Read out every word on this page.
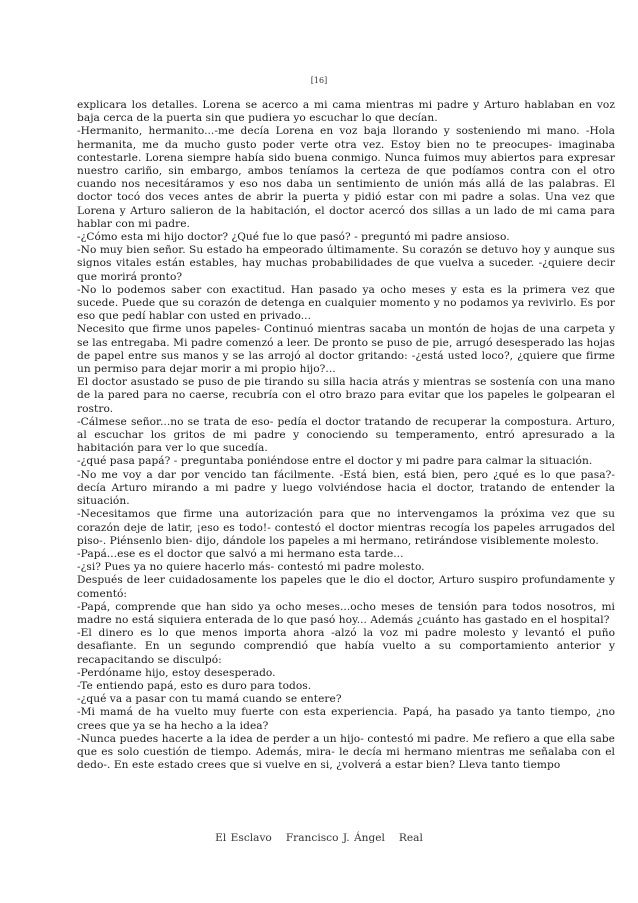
[16]

explicara los detalles. Lorena se acerco a mi cama mientras mi padre y Arturo hablaban en voz baja cerca de la puerta sin que pudiera yo escuchar lo que decían.

-Hermanito, hermanito...-me decía Lorena en voz baja llorando y sosteniendo mi mano. -Hola hermanita, me da mucho gusto poder verte otra vez. Estoy bien no te preocupes- imaginaba contestarle. Lorena siempre había sido buena conmigo. Nunca fuimos muy abiertos para expresar nuestro cariño, sin embargo, ambos teníamos la certeza de que podíamos contra con el otro cuando nos necesitáramos y eso nos daba un sentimiento de unión más allá de las palabras. El doctor tocó dos veces antes de abrir la puerta y pidió estar con mi padre a solas. Una vez que Lorena y Arturo salieron de la habitación, el doctor acercó dos sillas a un lado de mi cama para hablar con mi padre.

-¿Cómo esta mi hijo doctor? ¿Qué fue lo que pasó? - preguntó mi padre ansioso.

-No muy bien señor. Su estado ha empeorado últimamente. Su corazón se detuvo hoy y aunque sus signos vitales están estables, hay muchas probabilidades de que vuelva a suceder. -¿quiere decir que morirá pronto?

-No lo podemos saber con exactitud. Han pasado ya ocho meses y esta es la primera vez que sucede. Puede que su corazón de detenga en cualquier momento y no podamos ya revivirlo. Es por eso que pedí hablar con usted en privado...

Necesito que firme unos papeles- Continuó mientras sacaba un montón de hojas de una carpeta y se las entregaba. Mi padre comenzó a leer. De pronto se puso de pie, arrugó desesperado las hojas de papel entre sus manos y se las arrojó al doctor gritando: -¿está usted loco?, ¿quiere que firme un permiso para dejar morir a mi propio hijo?...

El doctor asustado se puso de pie tirando su silla hacia atrás y mientras se sostenía con una mano de la pared para no caerse, recubría con el otro brazo para evitar que los papeles le golpearan el rostro.

-Cálmese señor...no se trata de eso- pedía el doctor tratando de recuperar la compostura. Arturo, al escuchar los gritos de mi padre y conociendo su temperamento, entró apresurado a la habitación para ver lo que sucedía.

-¿qué pasa papá? - preguntaba poniéndose entre el doctor y mi padre para calmar la situación.

-No me voy a dar por vencido tan fácilmente. -Está bien, está bien, pero ¿qué es lo que pasa?- decía Arturo mirando a mi padre y luego volviéndose hacia el doctor, tratando de entender la situación.

-Necesitamos que firme una autorización para que no intervengamos la próxima vez que su corazón deje de latir, ¡eso es todo!- contestó el doctor mientras recogía los papeles arrugados del piso-. Piénsenlo bien- dijo, dándole los papeles a mi hermano, retirándose visiblemente molesto.

-Papá...ese es el doctor que salvó a mi hermano esta tarde...

-¿si? Pues ya no quiere hacerlo más- contestó mi padre molesto.

Después de leer cuidadosamente los papeles que le dio el doctor, Arturo suspiro profundamente y comentó:

-Papá, comprende que han sido ya ocho meses...ocho meses de tensión para todos nosotros, mi madre no está siquiera enterada de lo que pasó hoy... Además ¿cuánto has gastado en el hospital?

-El dinero es lo que menos importa ahora -alzó la voz mi padre molesto y levantó el puño desafiante. En un segundo comprendió que había vuelto a su comportamiento anterior y recapacitando se disculpó:

-Perdóname hijo, estoy desesperado.

-Te entiendo papá, esto es duro para todos.

-¿qué va a pasar con tu mamá cuando se entere?

-Mi mamá de ha vuelto muy fuerte con esta experiencia. Papá, ha pasado ya tanto tiempo, ¿no crees que ya se ha hecho a la idea?

-Nunca puedes hacerte a la idea de perder a un hijo- contestó mi padre. Me refiero a que ella sabe que es solo cuestión de tiempo. Además, mira- le decía mi hermano mientras me señalaba con el dedo-. En este estado crees que si vuelve en si, ¿volverá a estar bien? Lleva tanto tiempo

El Esclavo Francisco J. Ángel Real
